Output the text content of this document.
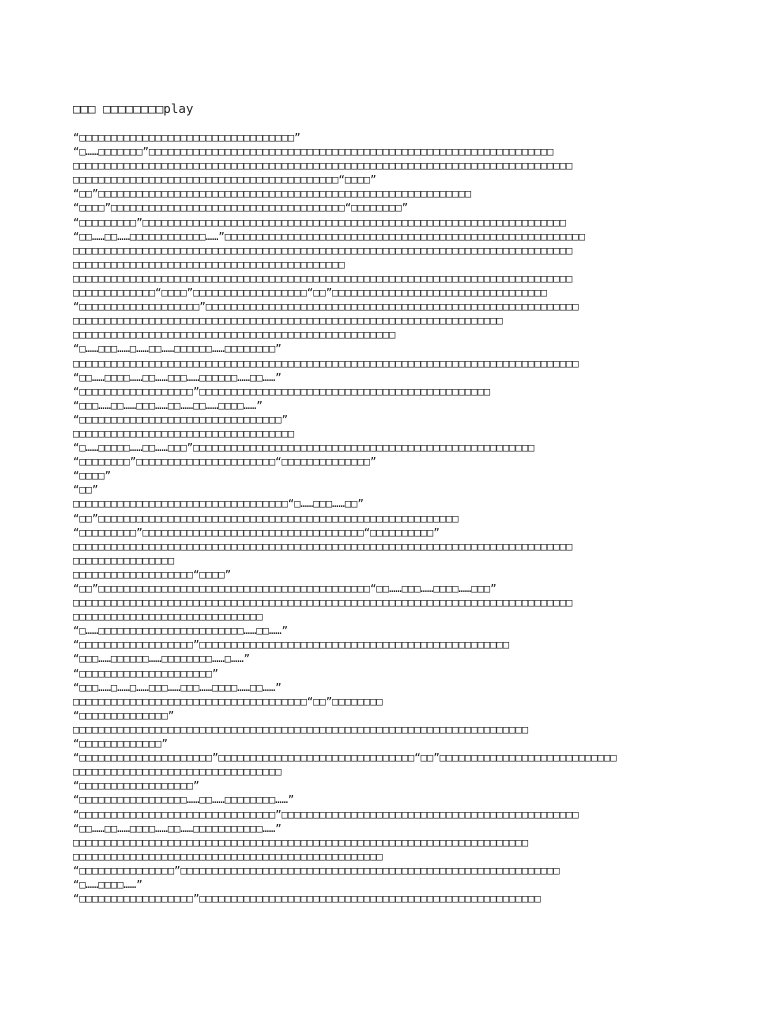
□□□ □□□□□□□□play
“□□□□□□□□□□□□□□□□□□□□□□□□□□□□□□□□□□”
“□……□□□□□□□”□□□□□□□□□□□□□□□□□□□□□□□□□□□□□□□□□□□□□□□□□□□□□□□□□□□□□□□□□□□□□□□□
□□□□□□□□□□□□□□□□□□□□□□□□□□□□□□□□□□□□□□□□□□□□□□□□□□□□□□□□□□□□□□□□□□□□□□□□□□□□□□□
□□□□□□□□□□□□□□□□□□□□□□□□□□□□□□□□□□□□□□□□□□“□□□□”
“□□”□□□□□□□□□□□□□□□□□□□□□□□□□□□□□□□□□□□□□□□□□□□□□□□□□□□□□□□□□□□
“□□□□”□□□□□□□□□□□□□□□□□□□□□□□□□□□□□□□□□□□□□“□□□□□□□□”
“□□□□□□□□□”□□□□□□□□□□□□□□□□□□□□□□□□□□□□□□□□□□□□□□□□□□□□□□□□□□□□□□□□□□□□□□□□□□□
“□□……□□……□□□□□□□□□□□□……”□□□□□□□□□□□□□□□□□□□□□□□□□□□□□□□□□□□□□□□□□□□□□□□□□□□□□□□□□
□□□□□□□□□□□□□□□□□□□□□□□□□□□□□□□□□□□□□□□□□□□□□□□□□□□□□□□□□□□□□□□□□□□□□□□□□□□□□□□
□□□□□□□□□□□□□□□□□□□□□□□□□□□□□□□□□□□□□□□□□□□
□□□□□□□□□□□□□□□□□□□□□□□□□□□□□□□□□□□□□□□□□□□□□□□□□□□□□□□□□□□□□□□□□□□□□□□□□□□□□□□
□□□□□□□□□□□□□“□□□□”□□□□□□□□□□□□□□□□□□“□□”□□□□□□□□□□□□□□□□□□□□□□□□□□□□□□□□□□
“□□□□□□□□□□□□□□□□□□□”□□□□□□□□□□□□□□□□□□□□□□□□□□□□□□□□□□□□□□□□□□□□□□□□□□□□□□□□□□□
□□□□□□□□□□□□□□□□□□□□□□□□□□□□□□□□□□□□□□□□□□□□□□□□□□□□□□□□□□□□□□□□□□□□
□□□□□□□□□□□□□□□□□□□□□□□□□□□□□□□□□□□□□□□□□□□□□□□□□□□
“□……□□□……□……□□……□□□□□□……□□□□□□□□”
□□□□□□□□□□□□□□□□□□□□□□□□□□□□□□□□□□□□□□□□□□□□□□□□□□□□□□□□□□□□□□□□□□□□□□□□□□□□□□□□
“□□……□□□□……□□……□□□……□□□□□□……□□……”
“□□□□□□□□□□□□□□□□□□”□□□□□□□□□□□□□□□□□□□□□□□□□□□□□□□□□□□□□□□□□□□□□□
“□□□……□□……□□□……□□……□□……□□□□……”
“□□□□□□□□□□□□□□□□□□□□□□□□□□□□□□□□”
□□□□□□□□□□□□□□□□□□□□□□□□□□□□□□□□□□□
“□……□□□□□……□□……□□□”□□□□□□□□□□□□□□□□□□□□□□□□□□□□□□□□□□□□□□□□□□□□□□□□□□□□□□
“□□□□□□□□”□□□□□□□□□□□□□□□□□□□□□□“□□□□□□□□□□□□□□”
“□□□□”
“□□”
□□□□□□□□□□□□□□□□□□□□□□□□□□□□□□□□□□“□……□□□……□□”
“□□”□□□□□□□□□□□□□□□□□□□□□□□□□□□□□□□□□□□□□□□□□□□□□□□□□□□□□□□□□
“□□□□□□□□□”□□□□□□□□□□□□□□□□□□□□□□□□□□□□□□□□□□□“□□□□□□□□□□”
□□□□□□□□□□□□□□□□□□□□□□□□□□□□□□□□□□□□□□□□□□□□□□□□□□□□□□□□□□□□□□□□□□□□□□□□□□□□□□□
□□□□□□□□□□□□□□□□
□□□□□□□□□□□□□□□□□□□“□□□□”
“□□”□□□□□□□□□□□□□□□□□□□□□□□□□□□□□□□□□□□□□□□□□□□“□□……□□□……□□□□……□□□”
□□□□□□□□□□□□□□□□□□□□□□□□□□□□□□□□□□□□□□□□□□□□□□□□□□□□□□□□□□□□□□□□□□□□□□□□□□□□□□□
□□□□□□□□□□□□□□□□□□□□□□□□□□□□□□
“□……□□□□□□□□□□□□□□□□□□□□□□□……□□……”
“□□□□□□□□□□□□□□□□□□”□□□□□□□□□□□□□□□□□□□□□□□□□□□□□□□□□□□□□□□□□□□□□□□□□
“□□□……□□□□□□……□□□□□□□□……□……”
“□□□□□□□□□□□□□□□□□□□□□”
“□□□……□……□……□□□……□□□……□□□□……□□……”
□□□□□□□□□□□□□□□□□□□□□□□□□□□□□□□□□□□□□“□□”□□□□□□□□
“□□□□□□□□□□□□□□”
□□□□□□□□□□□□□□□□□□□□□□□□□□□□□□□□□□□□□□□□□□□□□□□□□□□□□□□□□□□□□□□□□□□□□□□□
“□□□□□□□□□□□□□”
“□□□□□□□□□□□□□□□□□□□□□”□□□□□□□□□□□□□□□□□□□□□□□□□□□□□□□“□□”□□□□□□□□□□□□□□□□□□□□□□□□□□□□
□□□□□□□□□□□□□□□□□□□□□□□□□□□□□□□□□
“□□□□□□□□□□□□□□□□□□”
“□□□□□□□□□□□□□□□□□……□□……□□□□□□□□……”
“□□□□□□□□□□□□□□□□□□□□□□□□□□□□□□□”□□□□□□□□□□□□□□□□□□□□□□□□□□□□□□□□□□□□□□□□□□□□□□□
“□□……□□……□□□□……□□……□□□□□□□□□□□……”
□□□□□□□□□□□□□□□□□□□□□□□□□□□□□□□□□□□□□□□□□□□□□□□□□□□□□□□□□□□□□□□□□□□□□□□□
□□□□□□□□□□□□□□□□□□□□□□□□□□□□□□□□□□□□□□□□□□□□□□□□□
“□□□□□□□□□□□□□□□”□□□□□□□□□□□□□□□□□□□□□□□□□□□□□□□□□□□□□□□□□□□□□□□□□□□□□□□□□□□□
“□……□□□□……”
“□□□□□□□□□□□□□□□□□□”□□□□□□□□□□□□□□□□□□□□□□□□□□□□□□□□□□□□□□□□□□□□□□□□□□□□□□
